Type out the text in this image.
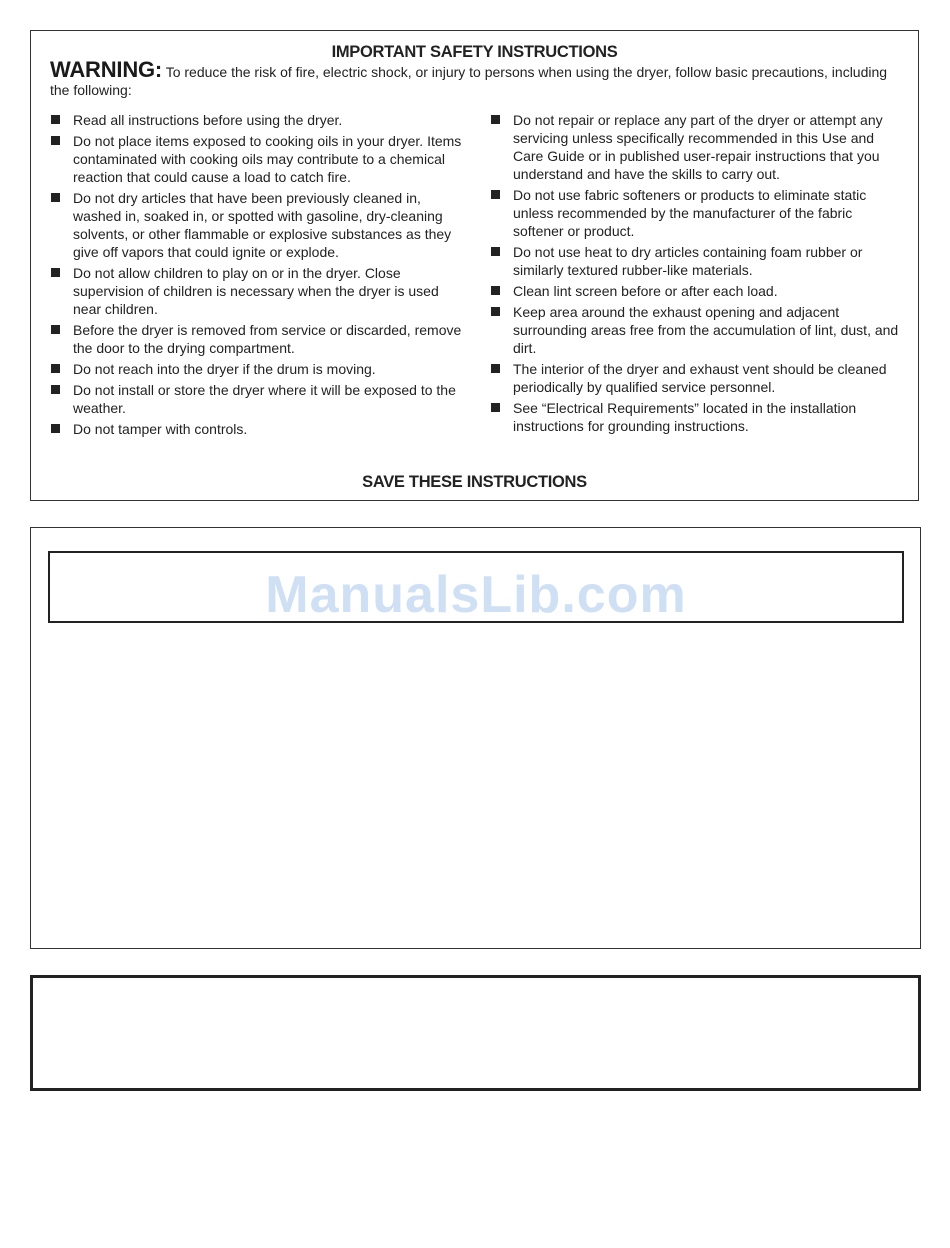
IMPORTANT SAFETY INSTRUCTIONS
WARNING: To reduce the risk of fire, electric shock, or injury to persons when using the dryer, follow basic precautions, including the following:
Read all instructions before using the dryer.
Do not place items exposed to cooking oils in your dryer. Items contaminated with cooking oils may contribute to a chemical reaction that could cause a load to catch fire.
Do not dry articles that have been previously cleaned in, washed in, soaked in, or spotted with gasoline, dry-cleaning solvents, or other flammable or explosive substances as they give off vapors that could ignite or explode.
Do not allow children to play on or in the dryer. Close supervision of children is necessary when the dryer is used near children.
Before the dryer is removed from service or discarded, remove the door to the drying compartment.
Do not reach into the dryer if the drum is moving.
Do not install or store the dryer where it will be exposed to the weather.
Do not tamper with controls.
Do not repair or replace any part of the dryer or attempt any servicing unless specifically recommended in this Use and Care Guide or in published user-repair instructions that you understand and have the skills to carry out.
Do not use fabric softeners or products to eliminate static unless recommended by the manufacturer of the fabric softener or product.
Do not use heat to dry articles containing foam rubber or similarly textured rubber-like materials.
Clean lint screen before or after each load.
Keep area around the exhaust opening and adjacent surrounding areas free from the accumulation of lint, dust, and dirt.
The interior of the dryer and exhaust vent should be cleaned periodically by qualified service personnel.
See “Electrical Requirements” located in the installation instructions for grounding instructions.
SAVE THESE INSTRUCTIONS
ManualsLib.com
